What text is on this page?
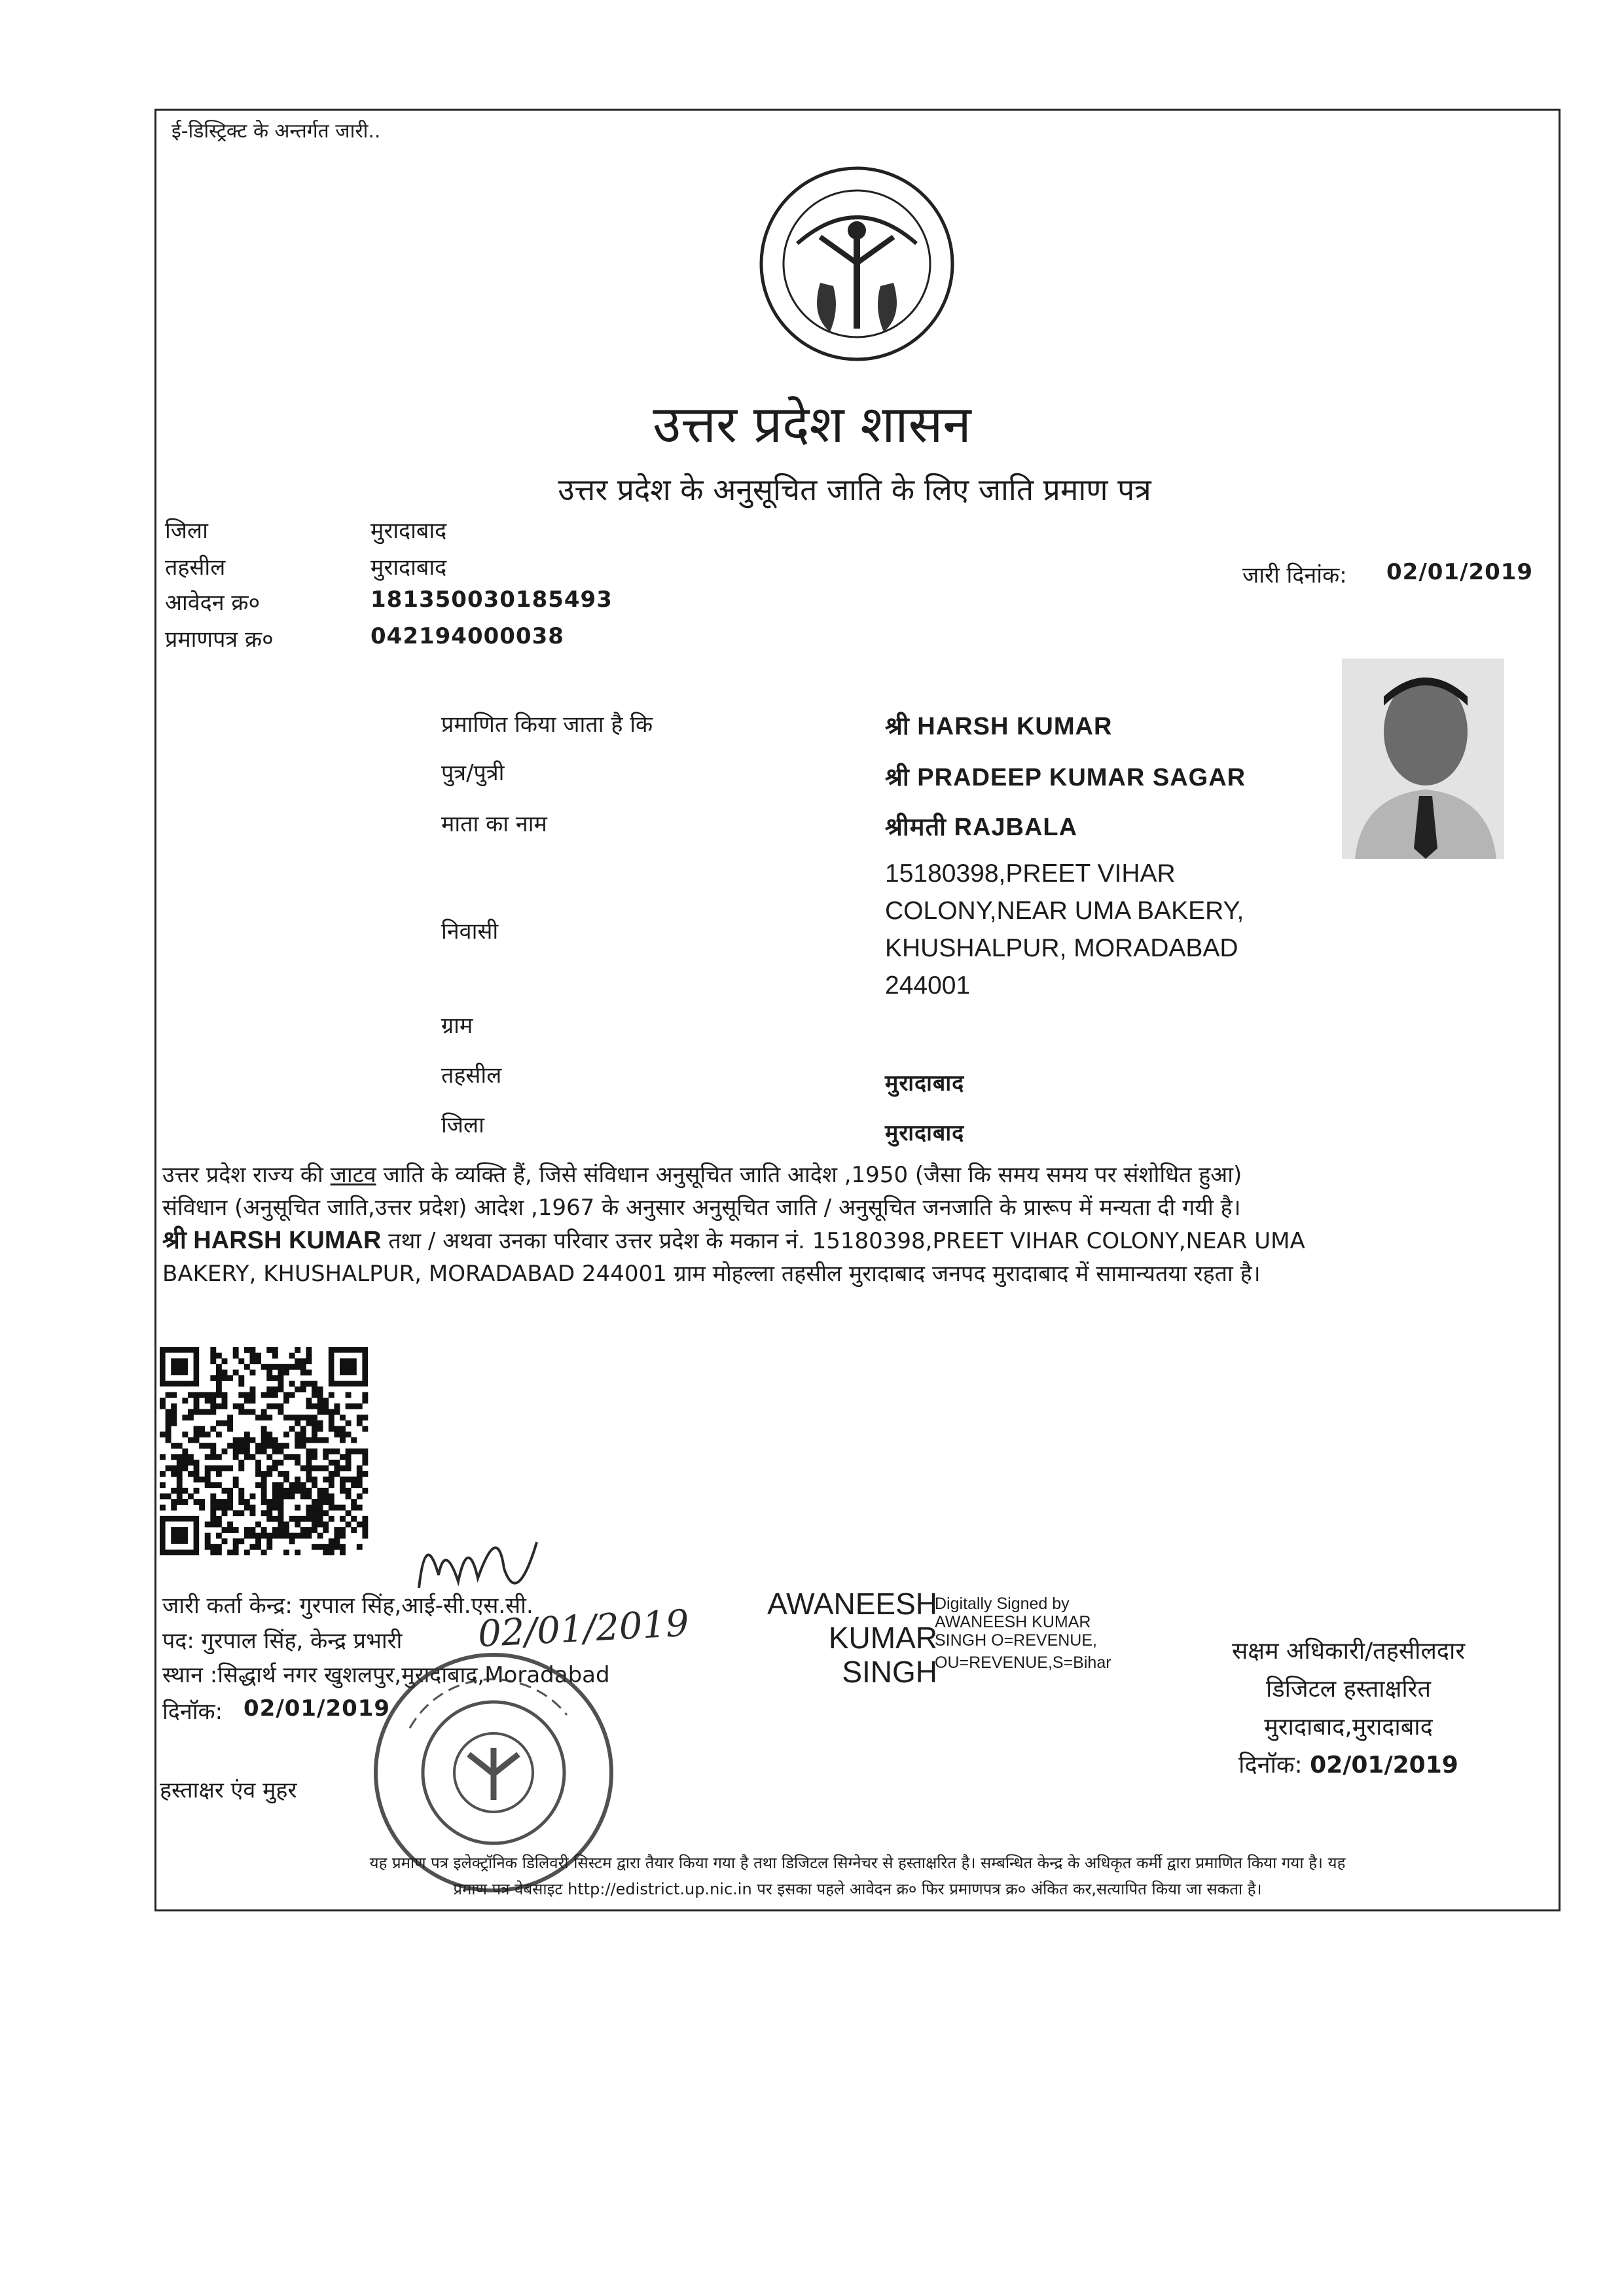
ई-डिस्ट्रिक्ट के अन्तर्गत जारी..
उत्तर प्रदेश शासन
उत्तर प्रदेश के अनुसूचित जाति के लिए जाति प्रमाण पत्र
जिला	मुरादाबाद
तहसील	मुरादाबाद
आवेदन क्र०	181350030185493
प्रमाणपत्र क्र०	042194000038
जारी दिनांक: 02/01/2019
प्रमाणित किया जाता है कि	श्री HARSH KUMAR
पुत्र/पुत्री	श्री PRADEEP KUMAR SAGAR
माता का नाम	श्रीमती RAJBALA
निवासी
15180398,PREET VIHAR
COLONY,NEAR UMA BAKERY,
KHUSHALPUR, MORADABAD
244001
ग्राम
तहसील	मुरादाबाद
जिला	मुरादाबाद
उत्तर प्रदेश राज्य की जाटव जाति के व्यक्ति हैं, जिसे संविधान अनुसूचित जाति आदेश ,1950 (जैसा कि समय समय पर संशोधित हुआ)
संविधान (अनुसूचित जाति,उत्तर प्रदेश) आदेश ,1967 के अनुसार अनुसूचित जाति / अनुसूचित जनजाति के प्रारूप में मन्यता दी गयी है।
श्री HARSH KUMAR तथा / अथवा उनका परिवार उत्तर प्रदेश के मकान नं. 15180398,PREET VIHAR COLONY,NEAR UMA
BAKERY, KHUSHALPUR, MORADABAD 244001 ग्राम मोहल्ला तहसील मुरादाबाद जनपद मुरादाबाद में सामान्यतया रहता है।
जारी कर्ता केन्द्र: गुरपाल सिंह,आई-सी.एस.सी.
पद: गुरपाल सिंह, केन्द्र प्रभारी
स्थान :सिद्धार्थ नगर खुशलपुर,मुरादाबाद,Moradabad
दिनॉक: 02/01/2019
हस्ताक्षर एंव मुहर
02/01/2019	AWANEESH
KUMAR
SINGH
Digitally Signed by
AWANEESH KUMAR
SINGH O=REVENUE,
OU=REVENUE,S=Bihar	सक्षम अधिकारी/तहसीलदार
डिजिटल हस्ताक्षरित
मुरादाबाद,मुरादाबाद
दिनॉक: 02/01/2019
यह प्रमाण पत्र इलेक्ट्रॉनिक डिलिवरी सिस्टम द्वारा तैयार किया गया है तथा डिजिटल सिग्नेचर से हस्ताक्षरित है। सम्बन्धित केन्द्र के अधिकृत कर्मी द्वारा प्रमाणित किया गया है। यह
प्रमाण पत्र वेबसाइट http://edistrict.up.nic.in पर इसका पहले आवेदन क्र० फिर प्रमाणपत्र क्र० अंकित कर,सत्यापित किया जा सकता है।
